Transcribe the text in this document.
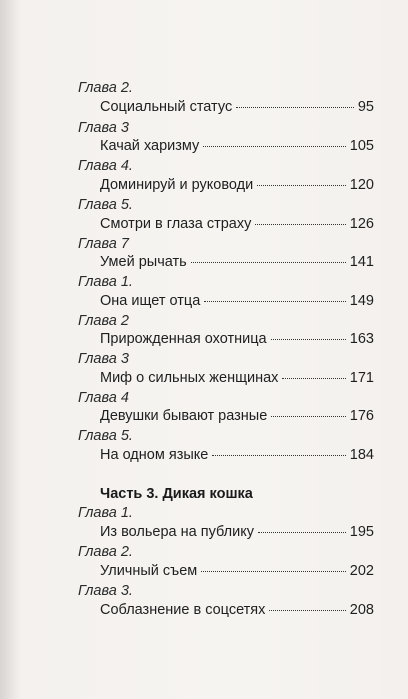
Глава 2.
Социальный статус	95
Глава 3
Качай харизму	105
Глава 4.
Доминируй и руководи	120
Глава 5.
Смотри в глаза страху	126
Глава 7
Умей рычать	141
Глава 1.
Она ищет отца	149
Глава 2
Прирожденная охотница	163
Глава 3
Миф о сильных женщинах	171
Глава 4
Девушки бывают разные	176
Глава 5.
На одном языке	184
Часть 3. Дикая кошка
Глава 1.
Из вольера на публику	195
Глава 2.
Уличный съем	202
Глава 3.
Соблазнение в соцсетях	208
